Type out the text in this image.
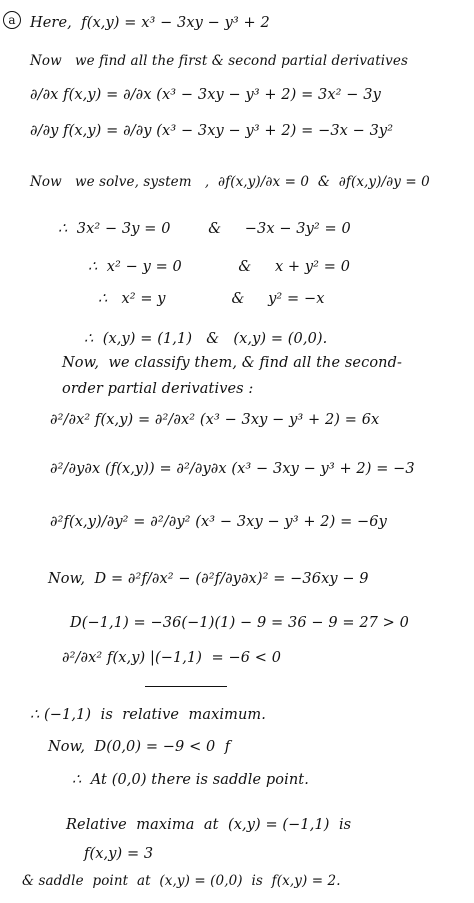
a Here,  f(x,y) = x³ − 3xy − y³ + 2
Now   we find all the first & second partial derivatives
∂/∂x f(x,y) = ∂/∂x (x³ − 3xy − y³ + 2) = 3x² − 3y
∂/∂y f(x,y) = ∂/∂y (x³ − 3xy − y³ + 2) = −3x − 3y²
Now   we solve, system   ,  ∂f(x,y)/∂x = 0  &  ∂f(x,y)/∂y = 0
∴  3x² − 3y = 0        &     −3x − 3y² = 0
∴  x² − y = 0            &     x + y² = 0
∴   x² = y              &     y² = −x
∴  (x,y) = (1,1)   &   (x,y) = (0,0).
Now,  we classify them, & find all the second-
order partial derivatives :
∂²/∂x² f(x,y) = ∂²/∂x² (x³ − 3xy − y³ + 2) = 6x
∂²/∂y∂x (f(x,y)) = ∂²/∂y∂x (x³ − 3xy − y³ + 2) = −3
∂²f(x,y)/∂y² = ∂²/∂y² (x³ − 3xy − y³ + 2) = −6y
Now,  D = ∂²f/∂x² − (∂²f/∂y∂x)² = −36xy − 9
D(−1,1) = −36(−1)(1) − 9 = 36 − 9 = 27 > 0
∂²/∂x² f(x,y) |(−1,1)  = −6 < 0
∴ (−1,1)  is  relative  maximum.
Now,  D(0,0) = −9 < 0  f
∴  At (0,0) there is saddle point.
Relative  maxima  at  (x,y) = (−1,1)  is
f(x,y) = 3
& saddle  point  at  (x,y) = (0,0)  is  f(x,y) = 2.
